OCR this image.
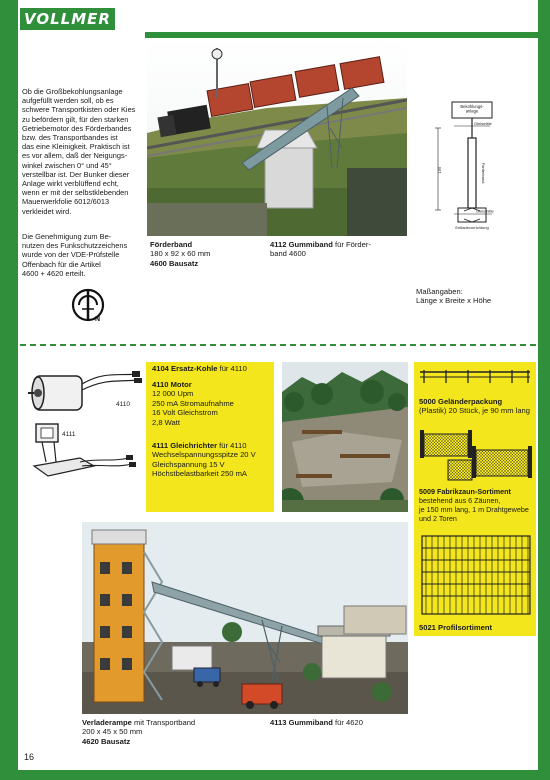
VOLLMER
Ob die Großbekohlungsanlage
aufgefüllt werden soll, ob es
schwere Transportkisten oder Kies
zu befördern gilt, für den starken
Getriebemotor des Förderbandes
bzw. des Transportbandes ist
das eine Kleinigkeit. Praktisch ist
es vor allem, daß der Neigungs-
winkel zwischen 0° und 45°
verstellbar ist. Der Bunker dieser
Anlage wirkt verblüffend echt,
wenn er mit der selbstklebenden
Mauerwerkfolie 6012/6013
verkleidet wird.
Die Genehmigung zum Be-
nutzen des Funkschutzzeichens
wurde von der VDE-Prüfstelle
Offenbach für die Artikel
4600 + 4620 erteilt.
N
Bekohlungs-anlage
Gleismitte
Förderband
195
Gleismitte
Entladevorrichtung
Förderband
180 x 92 x 60 mm
4600 Bausatz
4112 Gummiband für Förder-
band 4600
Maßangaben:
Länge x Breite x Höhe
4110
4111
4104 Ersatz-Kohle für 4110
4110 Motor
12 000 Upm
250 mA Stromaufnahme
16 Volt Gleichstrom
2,8 Watt
4111 Gleichrichter für 4110
Wechselspannungsspitze 20 V
Gleichspannung 15 V
Höchstbelastbarkeit 250 mA
5000 Geländerpackung
(Plastik) 20 Stück, je 90 mm lang
5009 Fabrikzaun-Sortiment
bestehend aus 6 Zäunen,
je 150 mm lang, 1 m Drahtgewebe
und 2 Toren
5021 Profilsortiment
Verladerampe mit Transportband
200 x 45 x 50 mm
4620 Bausatz
4113 Gummiband für 4620
16
